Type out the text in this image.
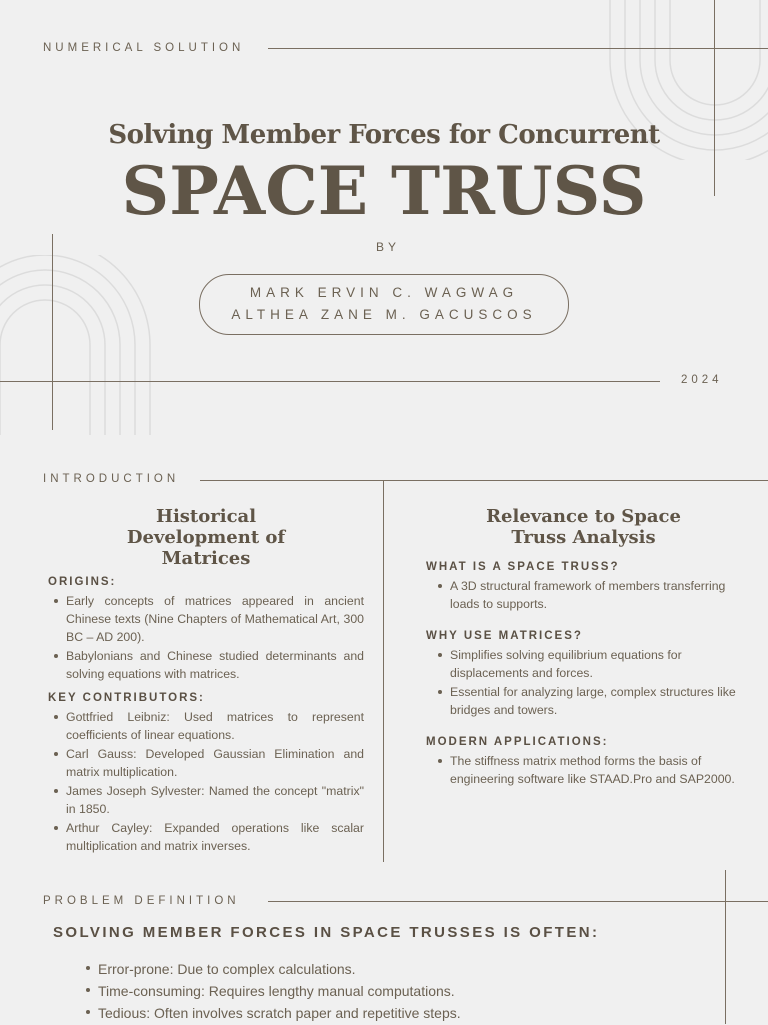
NUMERICAL SOLUTION
Solving Member Forces for Concurrent
SPACE TRUSS
BY
MARK ERVIN C. WAGWAG
ALTHEA ZANE M. GACUSCOS
2024
INTRODUCTION
Historical Development of Matrices

ORIGINS:

Early concepts of matrices appeared in ancient Chinese texts (Nine Chapters of Mathematical Art, 300 BC – AD 200).
Babylonians and Chinese studied determinants and solving equations with matrices.

KEY CONTRIBUTORS:

Gottfried Leibniz: Used matrices to represent coefficients of linear equations.
Carl Gauss: Developed Gaussian Elimination and matrix multiplication.
James Joseph Sylvester: Named the concept "matrix" in 1850.
Arthur Cayley: Expanded operations like scalar multiplication and matrix inverses.
Relevance to Space Truss Analysis

WHAT IS A SPACE TRUSS?

A 3D structural framework of members transferring loads to supports.

WHY USE MATRICES?

Simplifies solving equilibrium equations for displacements and forces.
Essential for analyzing large, complex structures like bridges and towers.

MODERN APPLICATIONS:

The stiffness matrix method forms the basis of engineering software like STAAD.Pro and SAP2000.
PROBLEM DEFINITION
SOLVING MEMBER FORCES IN SPACE TRUSSES IS OFTEN:
Error-prone: Due to complex calculations.
Time-consuming: Requires lengthy manual computations.
Tedious: Often involves scratch paper and repetitive steps.
